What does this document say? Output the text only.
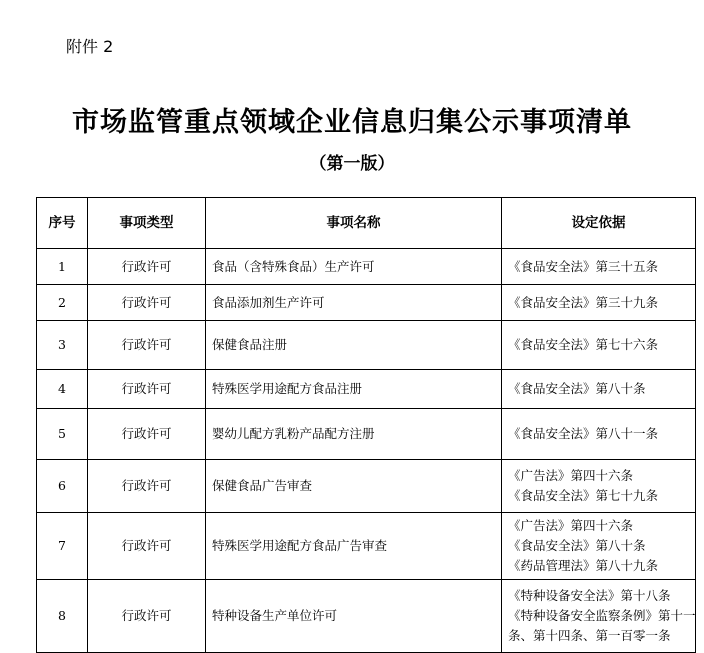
附件 2
市场监管重点领域企业信息归集公示事项清单
（第一版）
序号	事项类型	事项名称	设定依据
1	行政许可	食品（含特殊食品）生产许可	《食品安全法》第三十五条

2	行政许可	食品添加剂生产许可	《食品安全法》第三十九条

3	行政许可	保健食品注册	《食品安全法》第七十六条

4	行政许可	特殊医学用途配方食品注册	《食品安全法》第八十条

5	行政许可	婴幼儿配方乳粉产品配方注册	《食品安全法》第八十一条

6	行政许可	保健食品广告审查	《广告法》第四十六条
《食品安全法》第七十九条

7	行政许可	特殊医学用途配方食品广告审查	《广告法》第四十六条
《食品安全法》第八十条
《药品管理法》第八十九条

8	行政许可	特种设备生产单位许可	《特种设备安全法》第十八条
《特种设备安全监察条例》第十一
条、第十四条、第一百零一条
